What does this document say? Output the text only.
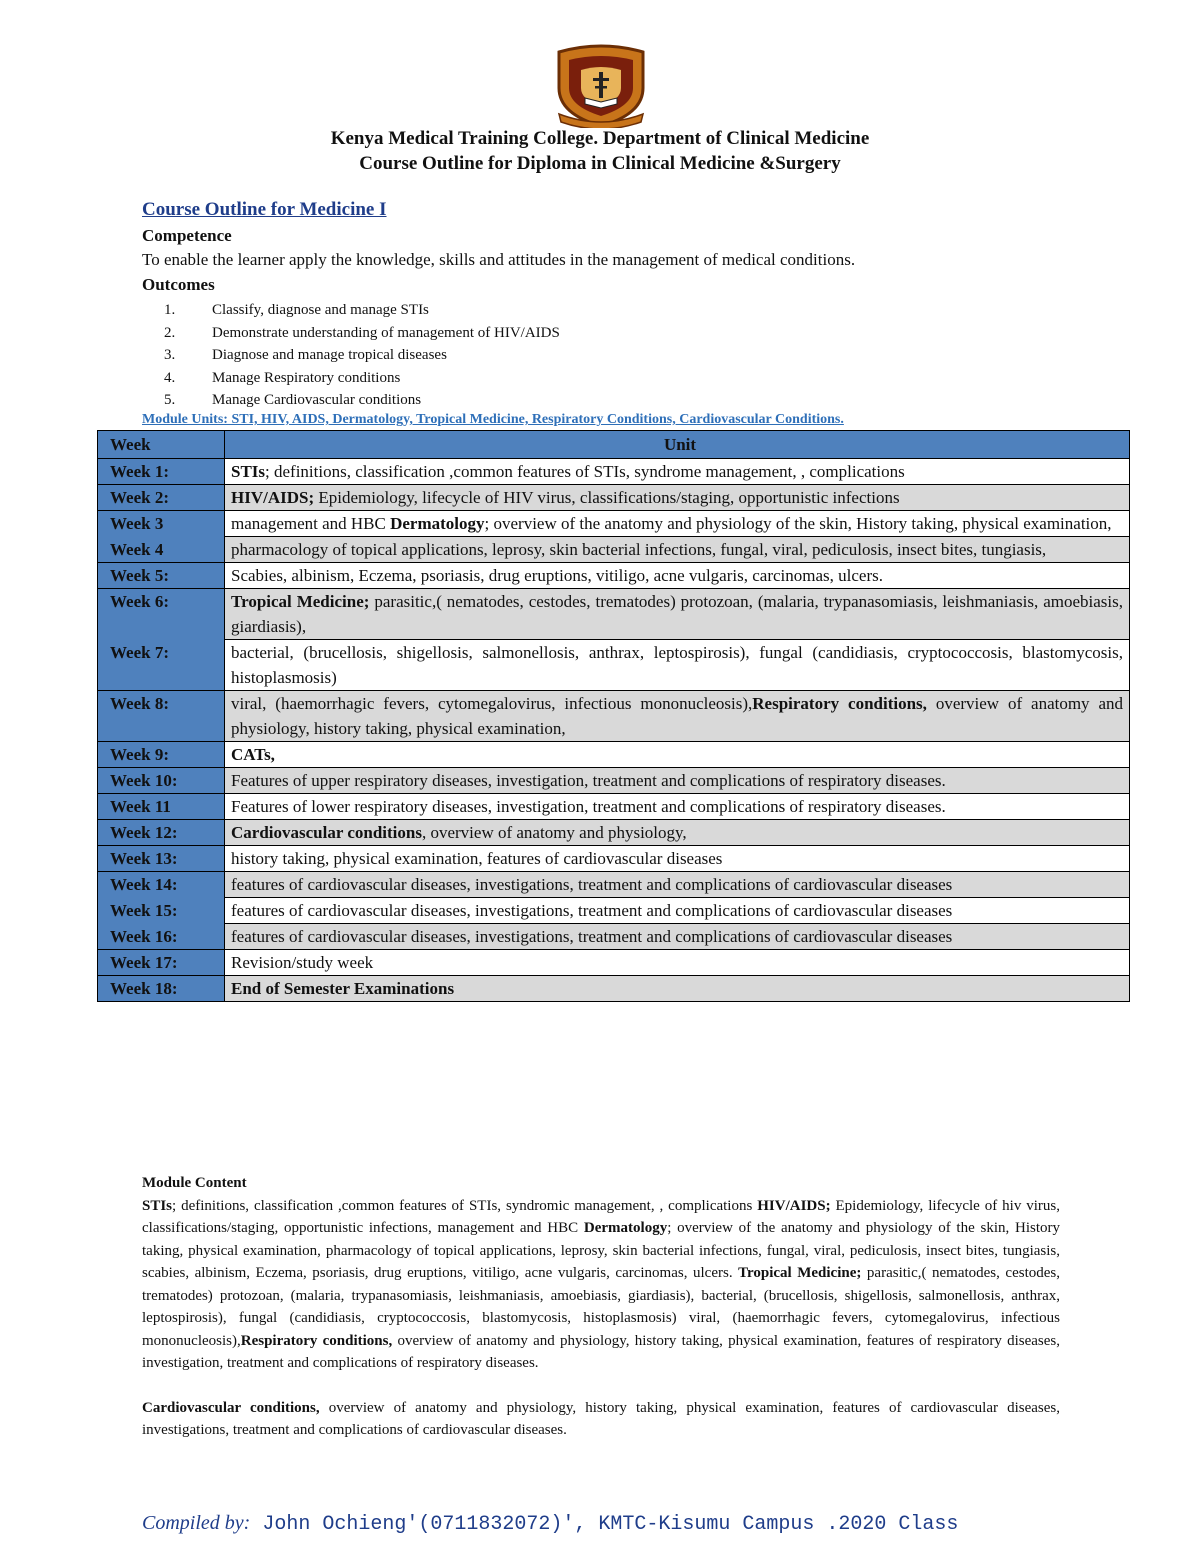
Kenya Medical Training College. Department of Clinical Medicine
Course Outline for Diploma in Clinical Medicine &Surgery
Course Outline for Medicine I
Competence
To enable the learner apply the knowledge, skills and attitudes in the management of medical conditions.
Outcomes
1. Classify, diagnose and manage STIs
2. Demonstrate understanding of management of HIV/AIDS
3. Diagnose and manage tropical diseases
4. Manage Respiratory conditions
5. Manage Cardiovascular conditions
Module Units: STI, HIV, AIDS, Dermatology, Tropical Medicine, Respiratory Conditions, Cardiovascular Conditions.
Week	Unit
Week 1:	STIs; definitions, classification ,common features of STIs, syndrome management, , complications
Week 2:	HIV/AIDS; Epidemiology, lifecycle of HIV virus, classifications/staging, opportunistic infections
Week 3	management and HBC Dermatology; overview of the anatomy and physiology of the skin, History taking, physical examination,
Week 4	pharmacology of topical applications, leprosy, skin bacterial infections, fungal, viral, pediculosis, insect bites, tungiasis,
Week 5:	Scabies, albinism, Eczema, psoriasis, drug eruptions, vitiligo, acne vulgaris, carcinomas, ulcers.
Week 6:	Tropical Medicine; parasitic,( nematodes, cestodes, trematodes) protozoan, (malaria, trypanasomiasis, leishmaniasis, amoebiasis, giardiasis),
Week 7:	bacterial, (brucellosis, shigellosis, salmonellosis, anthrax, leptospirosis), fungal (candidiasis, cryptococcosis, blastomycosis, histoplasmosis)
Week 8:	viral, (haemorrhagic fevers, cytomegalovirus, infectious mononucleosis),Respiratory conditions, overview of anatomy and physiology, history taking, physical examination,
Week 9:	CATs,
Week 10:	Features of upper respiratory diseases, investigation, treatment and complications of respiratory diseases.
Week 11	Features of lower respiratory diseases, investigation, treatment and complications of respiratory diseases.
Week 12:	Cardiovascular conditions, overview of anatomy and physiology,
Week 13:	history taking, physical examination, features of cardiovascular diseases
Week 14:	features of cardiovascular diseases, investigations, treatment and complications of cardiovascular diseases
Week 15:	features of cardiovascular diseases, investigations, treatment and complications of cardiovascular diseases
Week 16:	features of cardiovascular diseases, investigations, treatment and complications of cardiovascular diseases
Week 17:	Revision/study week
Week 18:	End of Semester Examinations
Module Content

STIs; definitions, classification ,common features of STIs, syndromic management, , complications HIV/AIDS; Epidemiology, lifecycle of hiv virus, classifications/staging, opportunistic infections, management and HBC Dermatology; overview of the anatomy and physiology of the skin, History taking, physical examination, pharmacology of topical applications, leprosy, skin bacterial infections, fungal, viral, pediculosis, insect bites, tungiasis, scabies, albinism, Eczema, psoriasis, drug eruptions, vitiligo, acne vulgaris, carcinomas, ulcers. Tropical Medicine; parasitic,( nematodes, cestodes, trematodes) protozoan, (malaria, trypanasomiasis, leishmaniasis, amoebiasis, giardiasis), bacterial, (brucellosis, shigellosis, salmonellosis, anthrax, leptospirosis), fungal (candidiasis, cryptococcosis, blastomycosis, histoplasmosis) viral, (haemorrhagic fevers, cytomegalovirus, infectious mononucleosis),Respiratory conditions, overview of anatomy and physiology, history taking, physical examination, features of respiratory diseases, investigation, treatment and complications of respiratory diseases.

Cardiovascular conditions, overview of anatomy and physiology, history taking, physical examination, features of cardiovascular diseases, investigations, treatment and complications of cardiovascular diseases.

Compiled by: John Ochieng'(0711832072)', KMTC-Kisumu Campus .2020 Class
